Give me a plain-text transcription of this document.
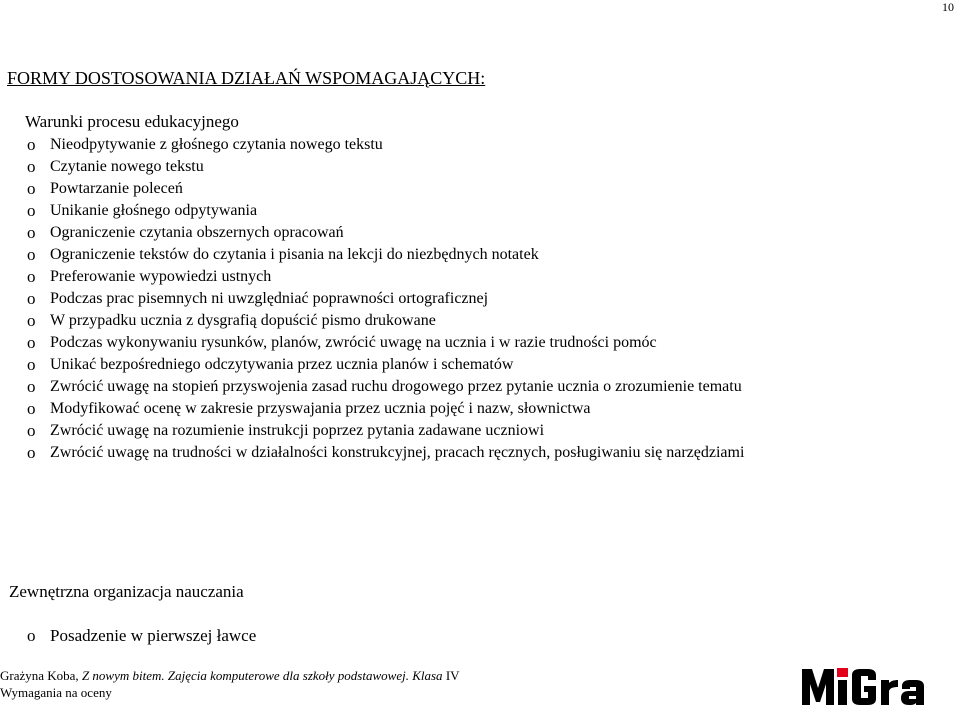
10
FORMY DOSTOSOWANIA DZIAŁAŃ WSPOMAGAJĄCYCH:
Warunki procesu edukacyjnego
o Nieodpytywanie z głośnego czytania nowego tekstu
o Czytanie nowego tekstu
o Powtarzanie poleceń
o Unikanie głośnego odpytywania
o Ograniczenie czytania obszernych opracowań
o Ograniczenie tekstów do czytania i pisania na lekcji do niezbędnych notatek
o Preferowanie wypowiedzi ustnych
o Podczas prac pisemnych ni uwzględniać poprawności ortograficznej
o W przypadku ucznia z dysgrafią dopuścić pismo drukowane
o Podczas wykonywaniu rysunków, planów, zwrócić uwagę na ucznia i w razie trudności pomóc
o Unikać bezpośredniego odczytywania przez ucznia planów i schematów
o Zwrócić uwagę na stopień przyswojenia zasad ruchu drogowego przez pytanie ucznia o zrozumienie tematu
o Modyfikować ocenę w zakresie przyswajania przez ucznia pojęć i nazw, słownictwa
o Zwrócić uwagę na rozumienie instrukcji poprzez pytania zadawane uczniowi
o Zwrócić uwagę na trudności w działalności konstrukcyjnej, pracach ręcznych, posługiwaniu się narzędziami
Zewnętrzna organizacja nauczania
o Posadzenie w pierwszej ławce
Grażyna Koba, Z nowym bitem. Zajęcia komputerowe dla szkoły podstawowej. Klasa IV
Wymagania na oceny
